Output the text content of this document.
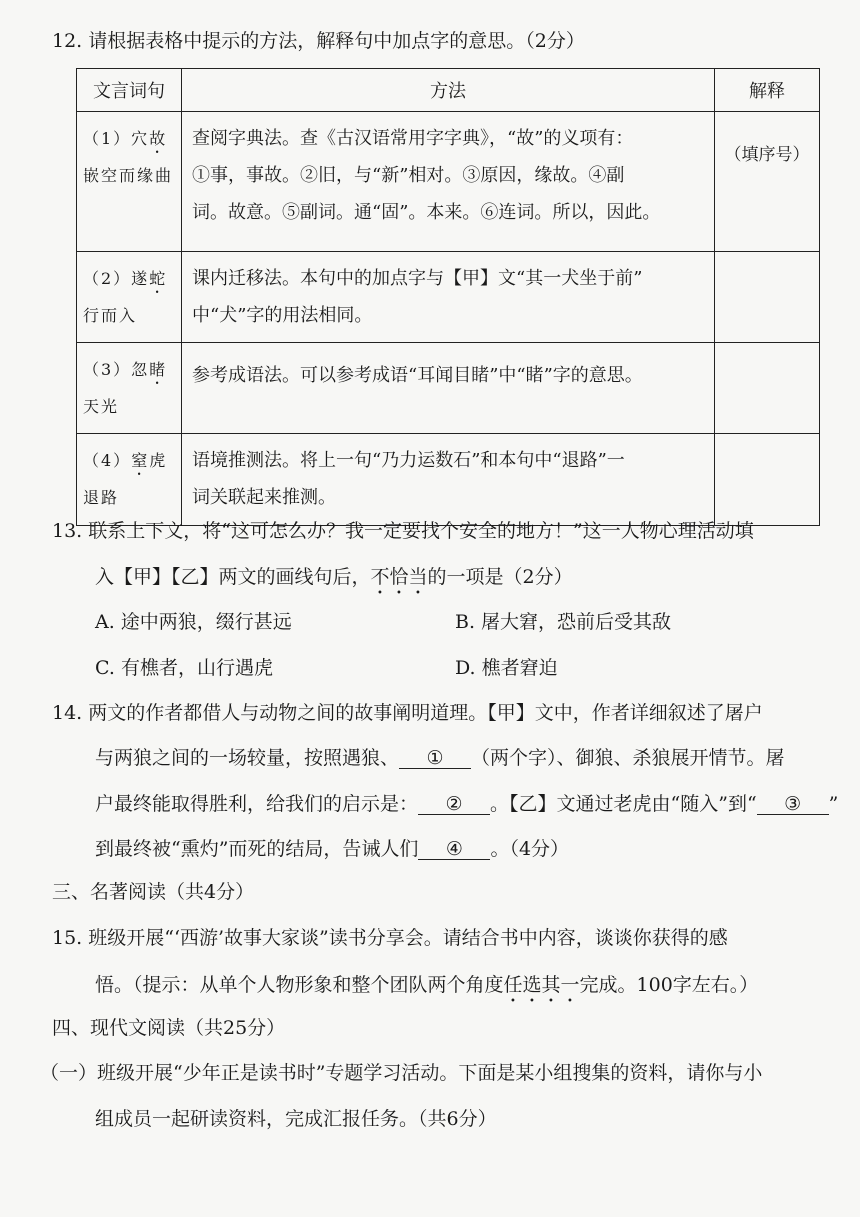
12. 请根据表格中提示的方法，解释句中加点字的意思。（2分）
文言词句	方法	解释
（1）穴故嵌空而缘曲	查阅字典法。查《古汉语常用字字典》，“故”的义项有：
①事，事故。②旧，与“新”相对。③原因，缘故。④副
词。故意。⑤副词。通“固”。本来。⑥连词。所以，因此。	（填序号）
（2）遂蛇行而入	课内迁移法。本句中的加点字与【甲】文“其一犬坐于前”
中“犬”字的用法相同。	

（3）忽睹天光	参考成语法。可以参考成语“耳闻目睹”中“睹”字的意思。	

（4）窒虎退路	语境推测法。将上一句“乃力运数石”和本句中“退路”一
词关联起来推测。	

13. 联系上下文，将“这可怎么办？我一定要找个安全的地方！”这一人物心理活动填
入【甲】【乙】两文的画线句后，不恰当的一项是（2分）
A. 途中两狼，缀行甚远	B. 屠大窘，恐前后受其敌
C. 有樵者，山行遇虎	D. 樵者窘迫
14. 两文的作者都借人与动物之间的故事阐明道理。【甲】文中，作者详细叙述了屠户
与两狼之间的一场较量，按照遇狼、 ① （两个字）、御狼、杀狼展开情节。屠
户最终能取得胜利，给我们的启示是： ② 。【乙】文通过老虎由“随入”到“ ③ ”
到最终被“熏灼”而死的结局，告诫人们 ④ 。（4分）
三、名著阅读（共4分）
15. 班级开展“‘西游’故事大家谈”读书分享会。请结合书中内容，谈谈你获得的感
悟。（提示：从单个人物形象和整个团队两个角度任选其一完成。100字左右。）
四、现代文阅读（共25分）
（一）班级开展“少年正是读书时”专题学习活动。下面是某小组搜集的资料，请你与小
组成员一起研读资料，完成汇报任务。（共6分）
